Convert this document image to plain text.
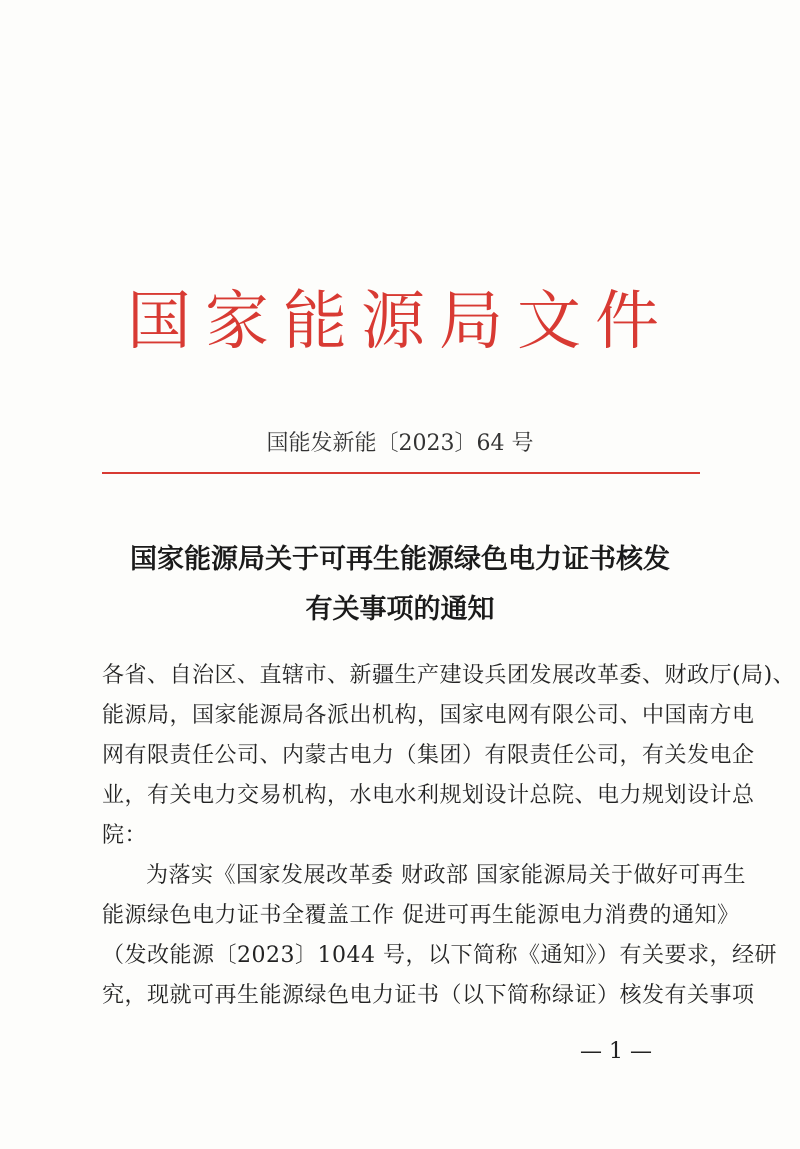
国家能源局文件
国能发新能〔2023〕64 号
国家能源局关于可再生能源绿色电力证书核发
有关事项的通知
各省、自治区、直辖市、新疆生产建设兵团发展改革委、财政厅(局)、
能源局，国家能源局各派出机构，国家电网有限公司、中国南方电
网有限责任公司、内蒙古电力（集团）有限责任公司，有关发电企
业，有关电力交易机构，水电水利规划设计总院、电力规划设计总
院：
为落实《国家发展改革委 财政部 国家能源局关于做好可再生
能源绿色电力证书全覆盖工作 促进可再生能源电力消费的通知》
（发改能源〔2023〕1044 号，以下简称《通知》）有关要求，经研
究，现就可再生能源绿色电力证书（以下简称绿证）核发有关事项
— 1 —
